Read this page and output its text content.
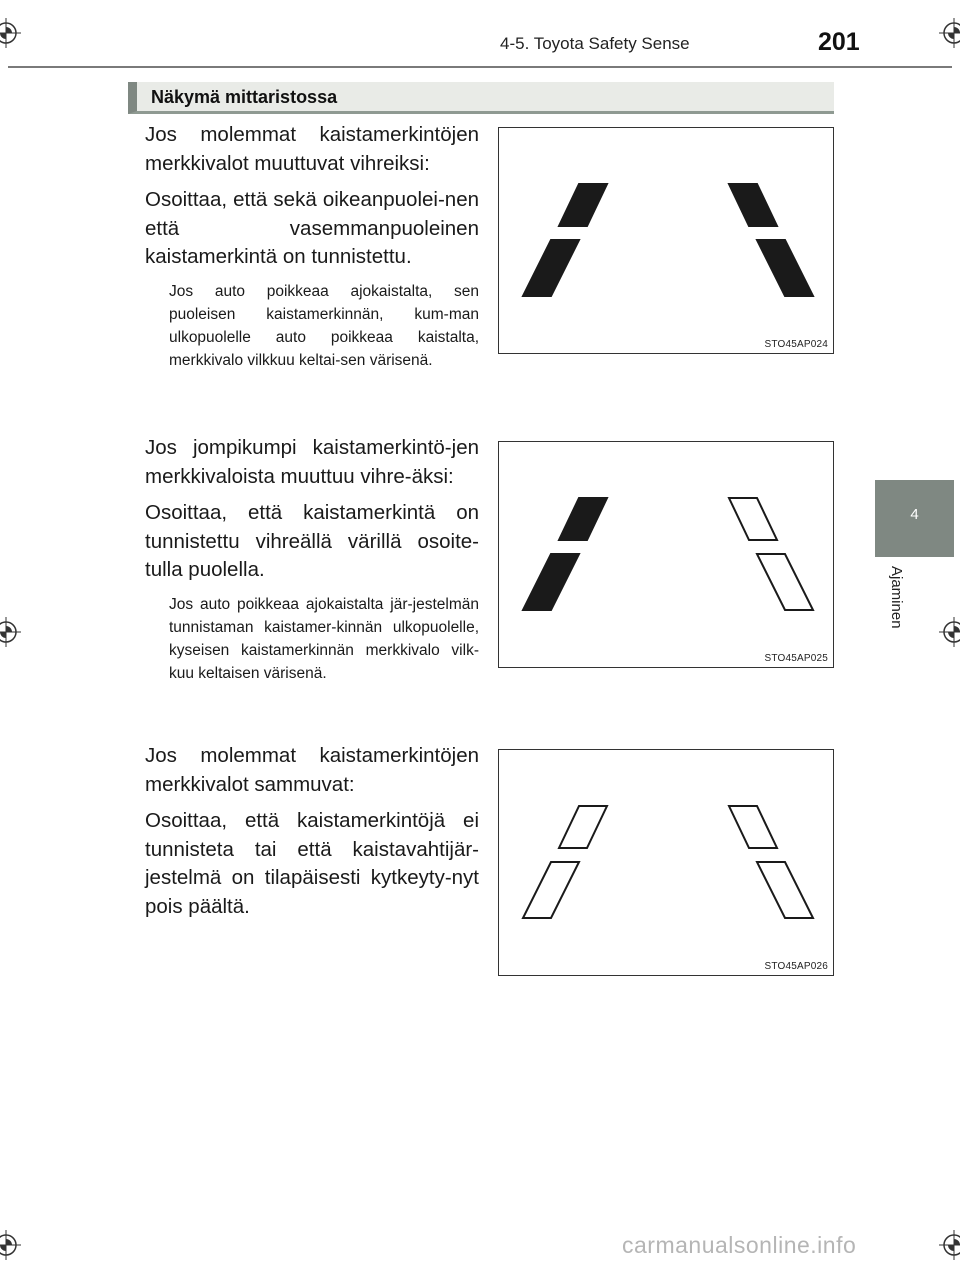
4-5. Toyota Safety Sense	201
4
Ajaminen
Näkymä mittaristossa

Jos molemmat kaistamerkintöjen merkkivalot muuttuvat vihreiksi:

Osoittaa, että sekä oikeanpuolei-nen että vasemmanpuoleinen kaistamerkintä on tunnistettu.

Jos auto poikkeaa ajokaistalta, sen puoleisen kaistamerkinnän, kum-man ulkopuolelle auto poikkeaa kaistalta, merkkivalo vilkkuu keltai-sen värisenä.

Jos jompikumpi kaistamerkintö-jen merkkivaloista muuttuu vihre-äksi:

Osoittaa, että kaistamerkintä on tunnistettu vihreällä värillä osoite-tulla puolella.

Jos auto poikkeaa ajokaistalta jär-jestelmän tunnistaman kaistamer-kinnän ulkopuolelle, kyseisen kaistamerkinnän merkkivalo vilk-kuu keltaisen värisenä.

Jos molemmat kaistamerkintöjen merkkivalot sammuvat:

Osoittaa, että kaistamerkintöjä ei tunnisteta tai että kaistavahtijär-jestelmä on tilapäisesti kytkeyty-nyt pois päältä.

STO45AP024
STO45AP025
STO45AP026
carmanualsonline.info
